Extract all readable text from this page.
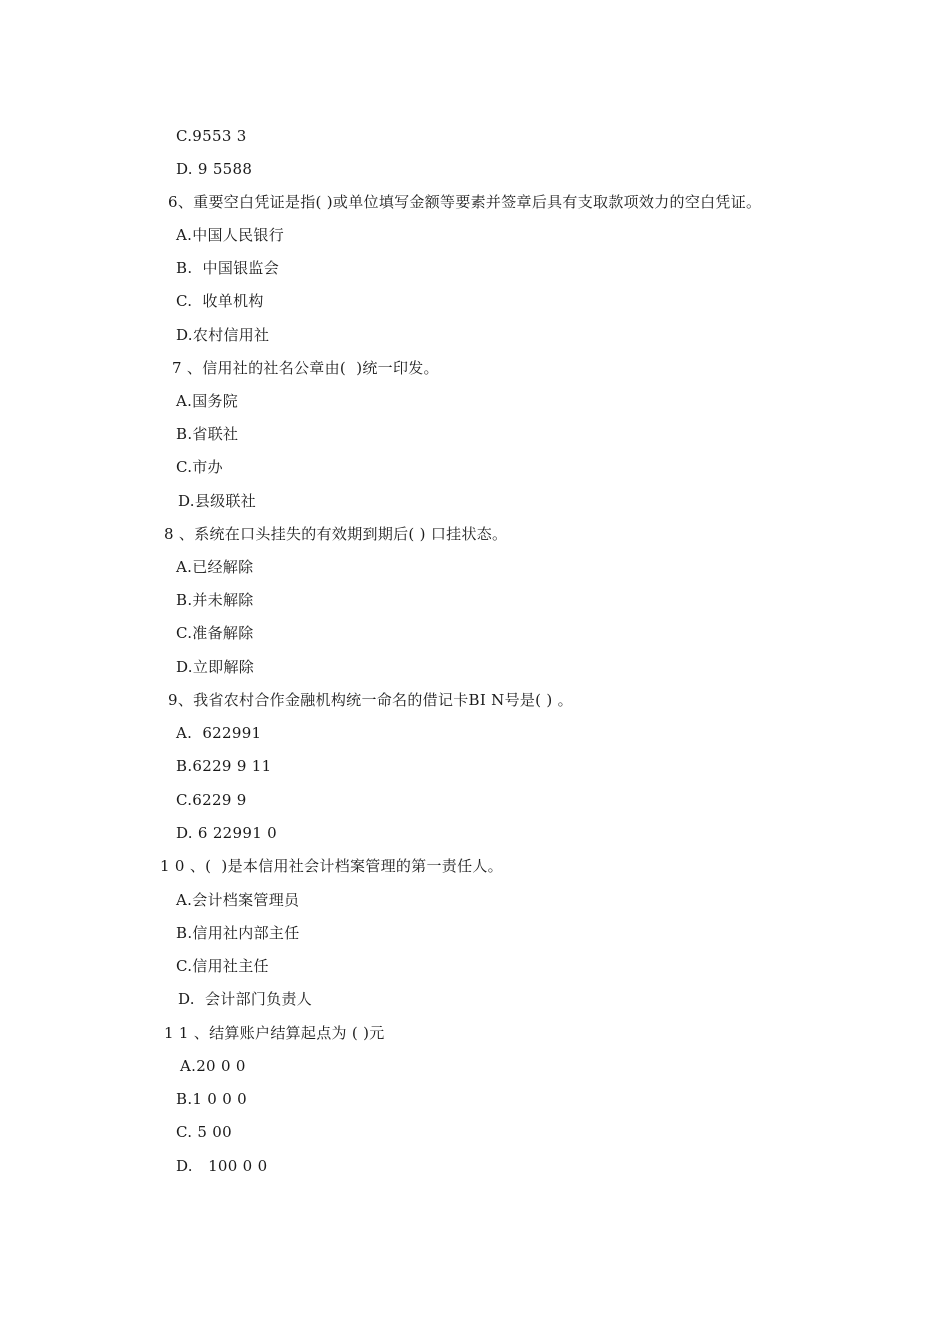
C.9553 3
D. 9 5588
6、重要空白凭证是指( )或单位填写金额等要素并签章后具有支取款项效力的空白凭证。
A.中国人民银行
B.  中国银监会
C.  收单机构
D.农村信用社
7 、信用社的社名公章由(  )统一印发。
A.国务院
B.省联社
C.市办
D.县级联社
8 、系统在口头挂失的有效期到期后( ) 口挂状态。
A.已经解除
B.并未解除
C.准备解除
D.立即解除
9、我省农村合作金融机构统一命名的借记卡BI N号是( ) 。
A.  622991
B.6229 9 11
C.6229 9
D. 6 22991 0
1 0 、(  )是本信用社会计档案管理的第一责任人。
A.会计档案管理员
B.信用社内部主任
C.信用社主任
D.  会计部门负责人
1 1 、结算账户结算起点为 ( )元
A.20 0 0
B.1 0 0 0
C. 5 00
D.   100 0 0
